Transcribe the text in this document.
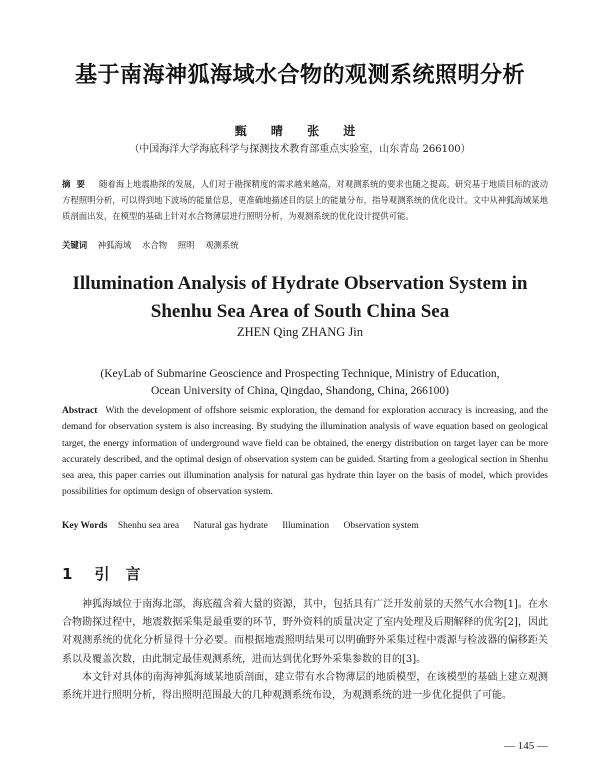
基于南海神狐海域水合物的观测系统照明分析
甄 晴 张 进
（中国海洋大学海底科学与探测技术教育部重点实验室，山东青岛 266100）
摘要 随着海上地震勘探的发展，人们对于勘探精度的需求越来越高，对观测系统的要求也随之提高。研究基于地质目标的波动方程照明分析，可以得到地下波场的能量信息，更准确地描述目的层上的能量分布，指导观测系统的优化设计。文中从神狐海域某地质剖面出发，在模型的基础上针对水合物薄层进行照明分析，为观测系统的优化设计提供可能。
关键词 神狐海域 水合物 照明 观测系统
Illumination Analysis of Hydrate Observation System in
Shenhu Sea Area of South China Sea
ZHEN Qing ZHANG Jin
(KeyLab of Submarine Geoscience and Prospecting Technique, Ministry of Education,
Ocean University of China, Qingdao, Shandong, China, 266100)
Abstract With the development of offshore seismic exploration, the demand for exploration accuracy is increasing, and the demand for observation system is also increasing. By studying the illumination analysis of wave equation based on geological target, the energy information of underground wave field can be obtained, the energy distribution on target layer can be more accurately described, and the optimal design of observation system can be guided. Starting from a geological section in Shenhu sea area, this paper carries out illumination analysis for natural gas hydrate thin layer on the basis of model, which provides possibilities for optimum design of observation system.
Key Words Shenhu sea area Natural gas hydrate Illumination Observation system
1 引言

神狐海域位于南海北部，海底蕴含着大量的资源，其中，包括具有广泛开发前景的天然气水合物[1]。在水合物勘探过程中，地震数据采集是最重要的环节，野外资料的质量决定了室内处理及后期解释的优劣[2]，因此对观测系统的优化分析显得十分必要。而根据地震照明结果可以明确野外采集过程中震源与检波器的偏移距关系以及覆盖次数，由此制定最佳观测系统，进而达到优化野外采集参数的目的[3]。

本文针对具体的南海神狐海域某地质剖面，建立带有水合物薄层的地质模型，在该模型的基础上建立观测系统并进行照明分析，得出照明范围最大的几种观测系统布设，为观测系统的进一步优化提供了可能。

— 145 —
